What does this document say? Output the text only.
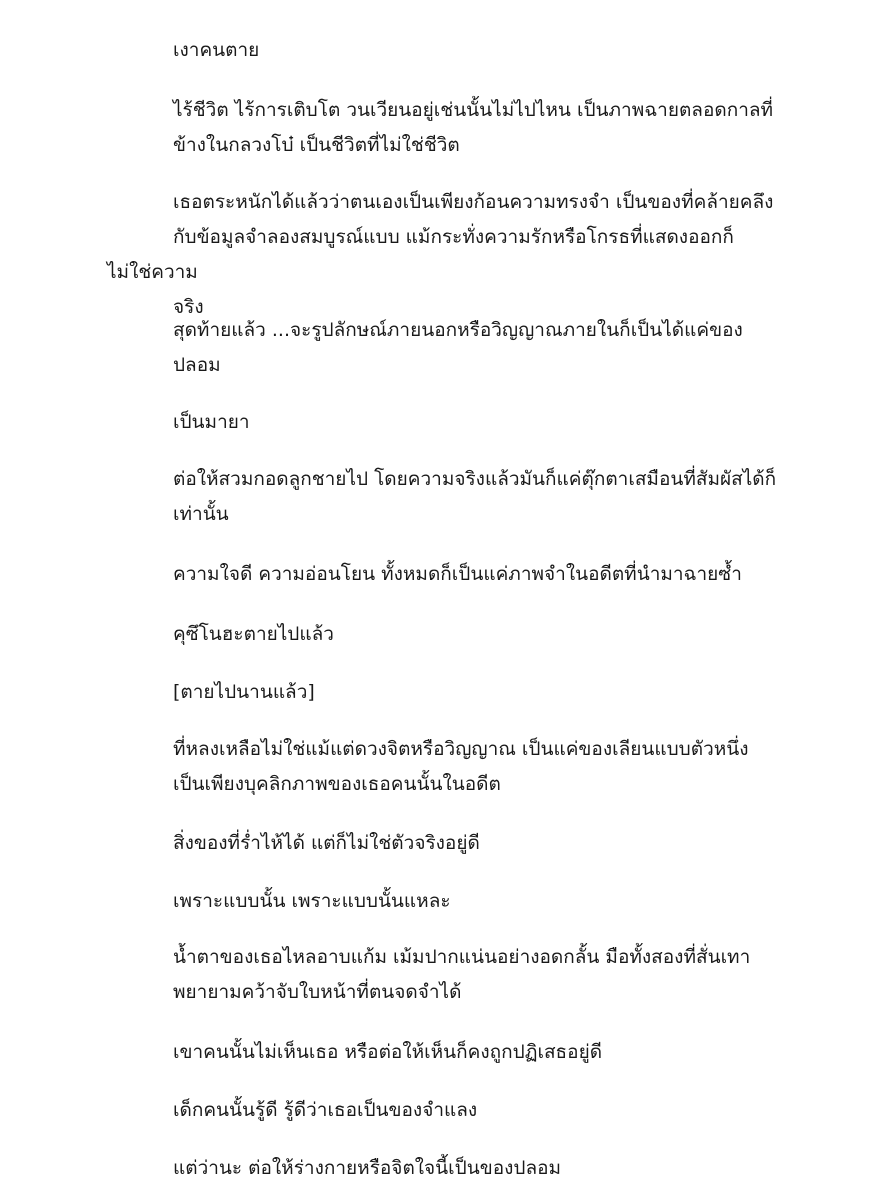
เงาคนตาย

ไร้ชีวิต ไร้การเติบโต วนเวียนอยู่เช่นนั้นไม่ไปไหน เป็นภาพฉายตลอดกาลที่
ข้างในกลวงโบ๋ เป็นชีวิตที่ไม่ใช่ชีวิต

เธอตระหนักได้แล้วว่าตนเองเป็นเพียงก้อนความทรงจำ เป็นของที่คล้ายคลึง
กับข้อมูลจำลองสมบูรณ์แบบ แม้กระทั่งความรักหรือโกรธที่แสดงออกก็ไม่ใช่ความ
จริง

สุดท้ายแล้ว ...จะรูปลักษณ์ภายนอกหรือวิญญาณภายในก็เป็นได้แค่ของ
ปลอม

เป็นมายา

ต่อให้สวมกอดลูกชายไป โดยความจริงแล้วมันก็แค่ตุ๊กตาเสมือนที่สัมผัสได้ก็
เท่านั้น

ความใจดี ความอ่อนโยน ทั้งหมดก็เป็นแค่ภาพจำในอดีตที่นำมาฉายซ้ำ

คุซึโนฮะตายไปแล้ว

[ตายไปนานแล้ว]

ที่หลงเหลือไม่ใช่แม้แต่ดวงจิตหรือวิญญาณ เป็นแค่ของเลียนแบบตัวหนึ่ง
เป็นเพียงบุคลิกภาพของเธอคนนั้นในอดีต

สิ่งของที่ร่ำไห้ได้ แต่ก็ไม่ใช่ตัวจริงอยู่ดี

เพราะแบบนั้น เพราะแบบนั้นแหละ

น้ำตาของเธอไหลอาบแก้ม เม้มปากแน่นอย่างอดกลั้น มือทั้งสองที่สั่นเทา
พยายามคว้าจับใบหน้าที่ตนจดจำได้

เขาคนนั้นไม่เห็นเธอ หรือต่อให้เห็นก็คงถูกปฏิเสธอยู่ดี

เด็กคนนั้นรู้ดี รู้ดีว่าเธอเป็นของจำแลง

แต่ว่านะ ต่อให้ร่างกายหรือจิตใจนี้เป็นของปลอม
